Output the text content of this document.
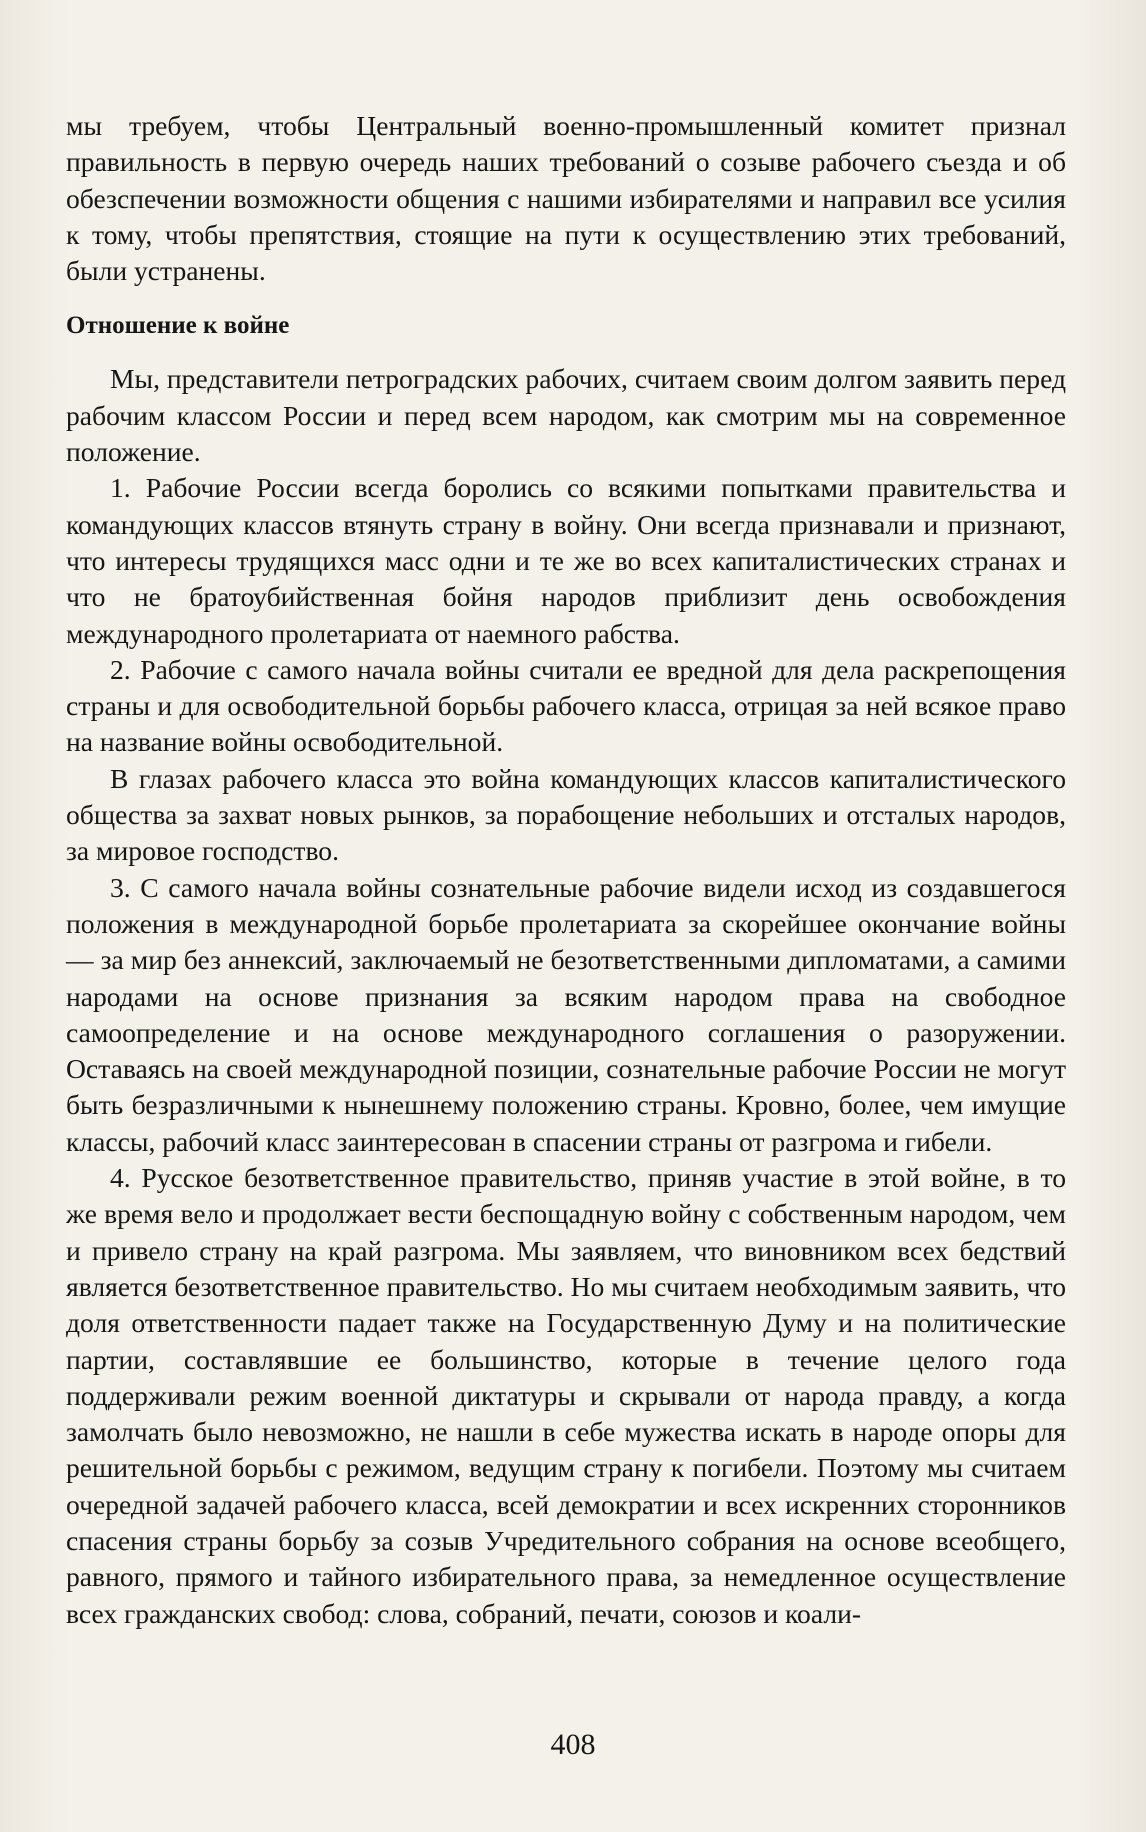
мы требуем, чтобы Центральный военно-промышленный комитет признал правильность в первую очередь наших требований о созыве рабочего съезда и об обезспечении возможности общения с нашими избирателями и направил все усилия к тому, чтобы препятствия, стоящие на пути к осуществлению этих требований, были устранены.

Отношение к войне

Мы, представители петроградских рабочих, считаем своим долгом заявить перед рабочим классом России и перед всем народом, как смотрим мы на современное положение.

1. Рабочие России всегда боролись со всякими попытками правительства и командующих классов втянуть страну в войну. Они всегда признавали и признают, что интересы трудящихся масс одни и те же во всех капиталистических странах и что не братоубийственная бойня народов приблизит день освобождения международного пролетариата от наемного рабства.

2. Рабочие с самого начала войны считали ее вредной для дела раскрепощения страны и для освободительной борьбы рабочего класса, отрицая за ней всякое право на название войны освободительной.

В глазах рабочего класса это война командующих классов капиталистического общества за захват новых рынков, за порабощение небольших и отсталых народов, за мировое господство.

3. С самого начала войны сознательные рабочие видели исход из создавшегося положения в международной борьбе пролетариата за скорейшее окончание войны — за мир без аннексий, заключаемый не безответственными дипломатами, а самими народами на основе признания за всяким народом права на свободное самоопределение и на основе международного соглашения о разоружении. Оставаясь на своей международной позиции, сознательные рабочие России не могут быть безразличными к нынешнему положению страны. Кровно, более, чем имущие классы, рабочий класс заинтересован в спасении страны от разгрома и гибели.

4. Русское безответственное правительство, приняв участие в этой войне, в то же время вело и продолжает вести беспощадную войну с собственным народом, чем и привело страну на край разгрома. Мы заявляем, что виновником всех бедствий является безответственное правительство. Но мы считаем необходимым заявить, что доля ответственности падает также на Государственную Думу и на политические партии, составлявшие ее большинство, которые в течение целого года поддерживали режим военной диктатуры и скрывали от народа правду, а когда замолчать было невозможно, не нашли в себе мужества искать в народе опоры для решительной борьбы с режимом, ведущим страну к погибели. Поэтому мы считаем очередной задачей рабочего класса, всей демократии и всех искренних сторонников спасения страны борьбу за созыв Учредительного собрания на основе всеобщего, равного, прямого и тайного избирательного права, за немедленное осуществление всех гражданских свобод: слова, собраний, печати, союзов и коали-

408
